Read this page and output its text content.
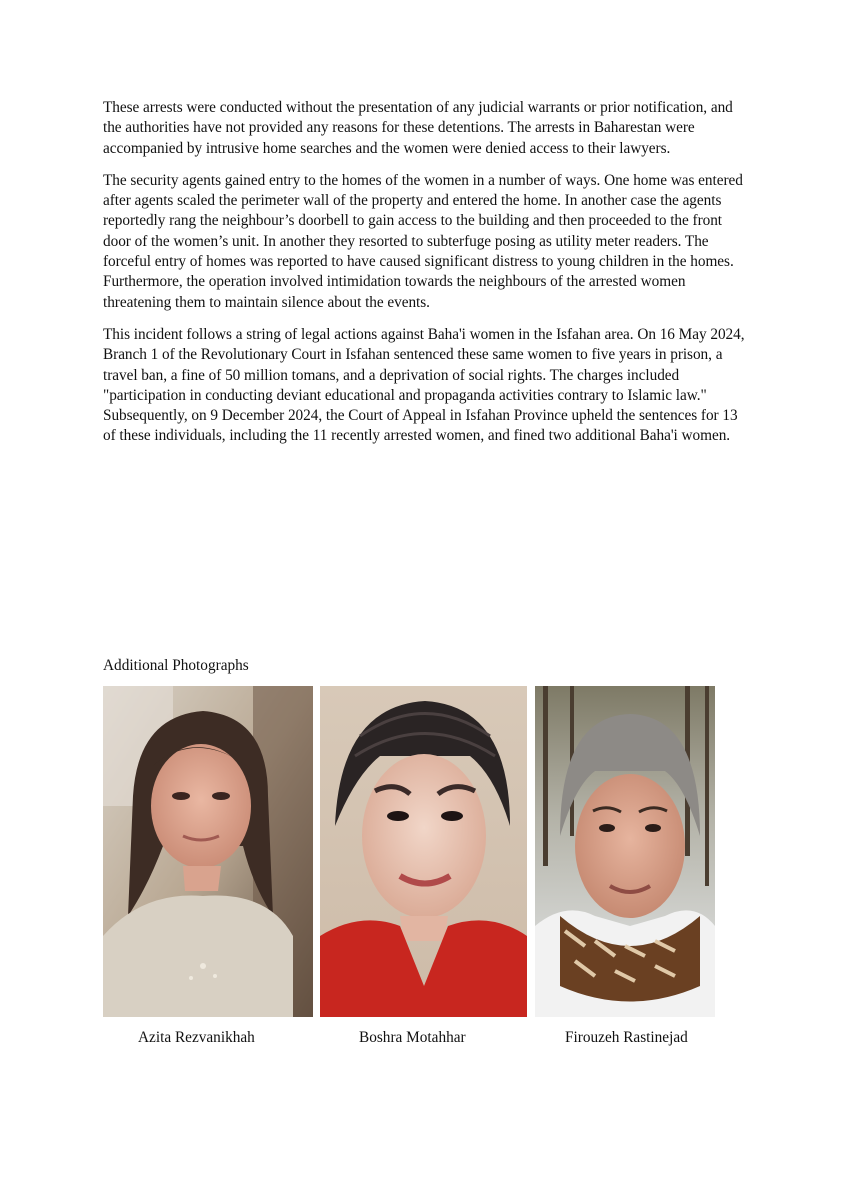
These arrests were conducted without the presentation of any judicial warrants or prior notification, and the authorities have not provided any reasons for these detentions. The arrests in Baharestan were accompanied by intrusive home searches and the women were denied access to their lawyers.

The security agents gained entry to the homes of the women in a number of ways. One home was entered after agents scaled the perimeter wall of the property and entered the home. In another case the agents reportedly rang the neighbour’s doorbell to gain access to the building and then proceeded to the front door of the women’s unit. In another they resorted to subterfuge posing as utility meter readers. The forceful entry of homes was reported to have caused significant distress to young children in the homes. Furthermore, the operation involved intimidation towards the neighbours of the arrested women threatening them to maintain silence about the events.

This incident follows a string of legal actions against Baha'i women in the Isfahan area. On 16 May 2024, Branch 1 of the Revolutionary Court in Isfahan sentenced these same women to five years in prison, a travel ban, a fine of 50 million tomans, and a deprivation of social rights. The charges included "participation in conducting deviant educational and propaganda activities contrary to Islamic law." Subsequently, on 9 December 2024, the Court of Appeal in Isfahan Province upheld the sentences for 13 of these individuals, including the 11 recently arrested women, and fined two additional Baha'i women.

Additional Photographs
Azita Rezvanikhah	Boshra Motahhar	Firouzeh Rastinejad
